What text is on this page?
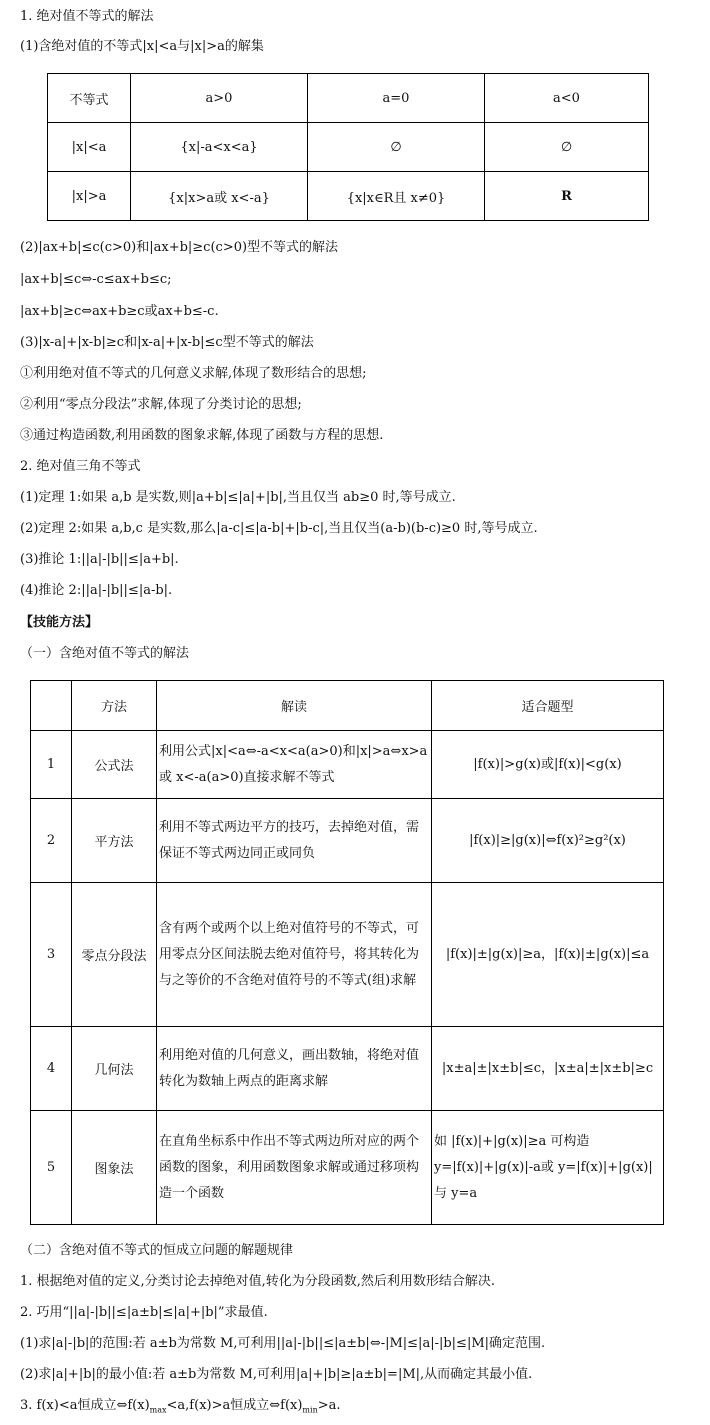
1. 绝对值不等式的解法
(1)含绝对值的不等式|x|<a与|x|>a的解集
不等式	a>0	a=0	a<0
|x|<a	{x|-a<x<a}	∅	∅
|x|>a	{x|x>a或 x<-a}	{x|x∈R且 x≠0}	R
(2)|ax+b|≤c(c>0)和|ax+b|≥c(c>0)型不等式的解法
|ax+b|≤c⇔-c≤ax+b≤c;
|ax+b|≥c⇔ax+b≥c或ax+b≤-c.
(3)|x-a|+|x-b|≥c和|x-a|+|x-b|≤c型不等式的解法
①利用绝对值不等式的几何意义求解,体现了数形结合的思想;
②利用“零点分段法”求解,体现了分类讨论的思想;
③通过构造函数,利用函数的图象求解,体现了函数与方程的思想.
2. 绝对值三角不等式
(1)定理 1:如果 a,b 是实数,则|a+b|≤|a|+|b|,当且仅当 ab≥0 时,等号成立.
(2)定理 2:如果 a,b,c 是实数,那么|a-c|≤|a-b|+|b-c|,当且仅当(a-b)(b-c)≥0 时,等号成立.
(3)推论 1:||a|-|b||≤|a+b|.
(4)推论 2:||a|-|b||≤|a-b|.
【技能方法】
（一）含绝对值不等式的解法
	方法	解读	适合题型
1	公式法	利用公式|x|<a⇔-a<x<a(a>0)和|x|>a⇔x>a或 x<-a(a>0)直接求解不等式	|f(x)|>g(x)或|f(x)|<g(x)
2	平方法	利用不等式两边平方的技巧，去掉绝对值，需保证不等式两边同正或同负	|f(x)|≥|g(x)|⇔f(x)²≥g²(x)
3	零点分段法	含有两个或两个以上绝对值符号的不等式，可用零点分区间法脱去绝对值符号，将其转化为与之等价的不含绝对值符号的不等式(组)求解	|f(x)|±|g(x)|≥a，|f(x)|±|g(x)|≤a
4	几何法	利用绝对值的几何意义，画出数轴，将绝对值转化为数轴上两点的距离求解	|x±a|±|x±b|≤c，|x±a|±|x±b|≥c
5	图象法	在直角坐标系中作出不等式两边所对应的两个函数的图象，利用函数图象求解或通过移项构造一个函数	如 |f(x)|+|g(x)|≥a 可构造 y=|f(x)|+|g(x)|-a或 y=|f(x)|+|g(x)|与 y=a
（二）含绝对值不等式的恒成立问题的解题规律
1. 根据绝对值的定义,分类讨论去掉绝对值,转化为分段函数,然后利用数形结合解决.
2. 巧用“||a|-|b||≤|a±b|≤|a|+|b|”求最值.
(1)求|a|-|b|的范围:若 a±b为常数 M,可利用||a|-|b||≤|a±b|⇔-|M|≤|a|-|b|≤|M|确定范围.
(2)求|a|+|b|的最小值:若 a±b为常数 M,可利用|a|+|b|≥|a±b|=|M|,从而确定其最小值.
3. f(x)<a恒成立$\Leftrightarrow f(x)_{max}<a,f(x)>a$恒成立$\Leftrightarrow f(x)_{min}>a$.
